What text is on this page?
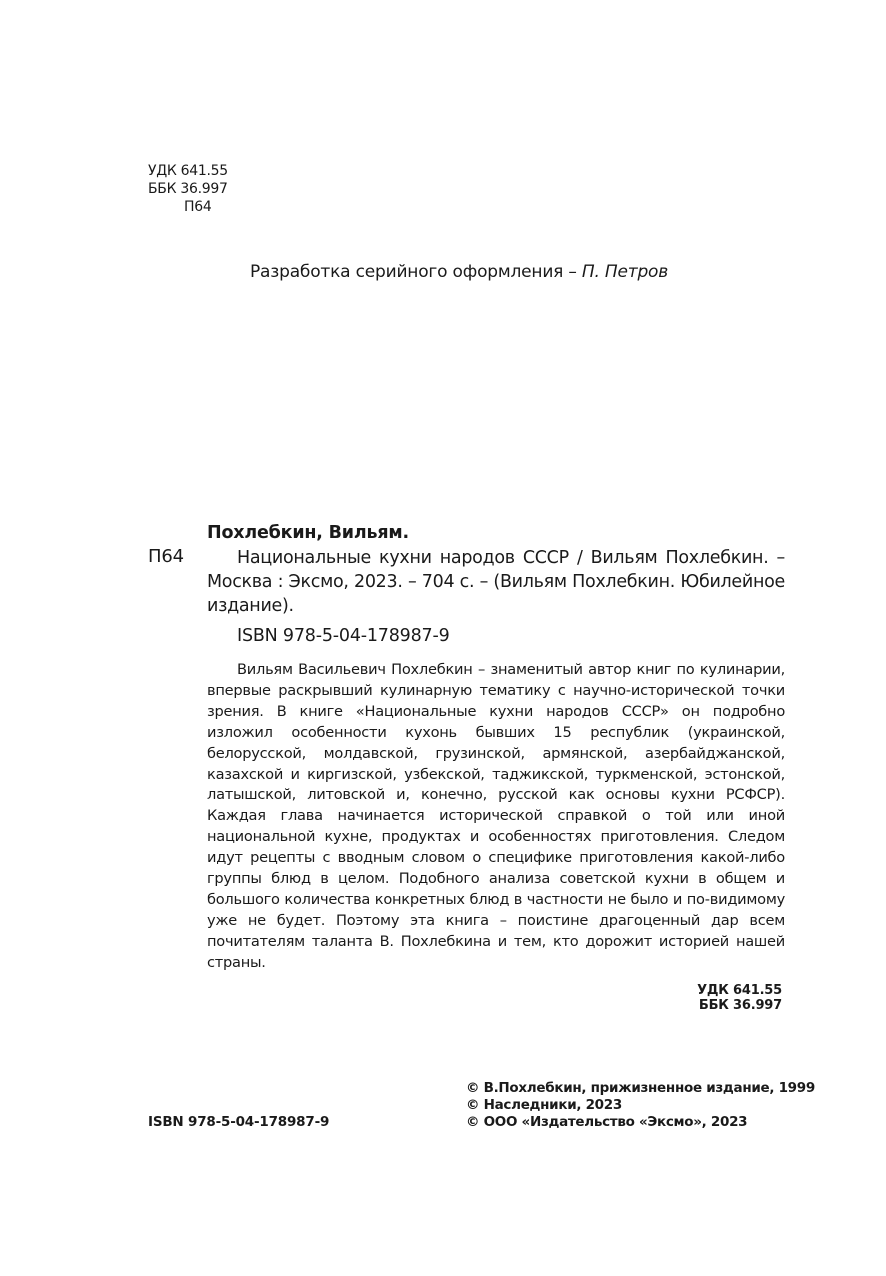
УДК 641.55
ББК 36.997
П64
Разработка серийного оформления – П. Петров
Похлебкин, Вильям.
П64	Национальные кухни народов СССР / Вильям Похлебкин. – Москва : Эксмо, 2023. – 704 с. – (Вильям Похлебкин. Юбилейное издание).
ISBN 978-5-04-178987-9
Вильям Васильевич Похлебкин – знаменитый автор книг по кулинарии, впервые раскрывший кулинарную тематику с научно-исторической точки зрения. В книге «Национальные кухни народов СССР» он подробно изложил особенности кухонь бывших 15 республик (украинской, белорусской, молдавской, грузинской, армянской, азербайджанской, казахской и киргизской, узбекской, таджикской, туркменской, эстонской, латышской, литовской и, конечно, русской как основы кухни РСФСР). Каждая глава начинается исторической справкой о той или иной национальной кухне, продуктах и особенностях приготовления. Следом идут рецепты с вводным словом о специфике приготовления какой-либо группы блюд в целом. Подобного анализа советской кухни в общем и большого количества конкретных блюд в частности не было и по-видимому уже не будет. Поэтому эта книга – поистине драгоценный дар всем почитателям таланта В. Похлебкина и тем, кто дорожит историей нашей страны.
УДК 641.55
ББК 36.997
ISBN 978-5-04-178987-9
© В.Похлебкин, прижизненное издание, 1999
© Наследники, 2023
© ООО «Издательство «Эксмо», 2023
